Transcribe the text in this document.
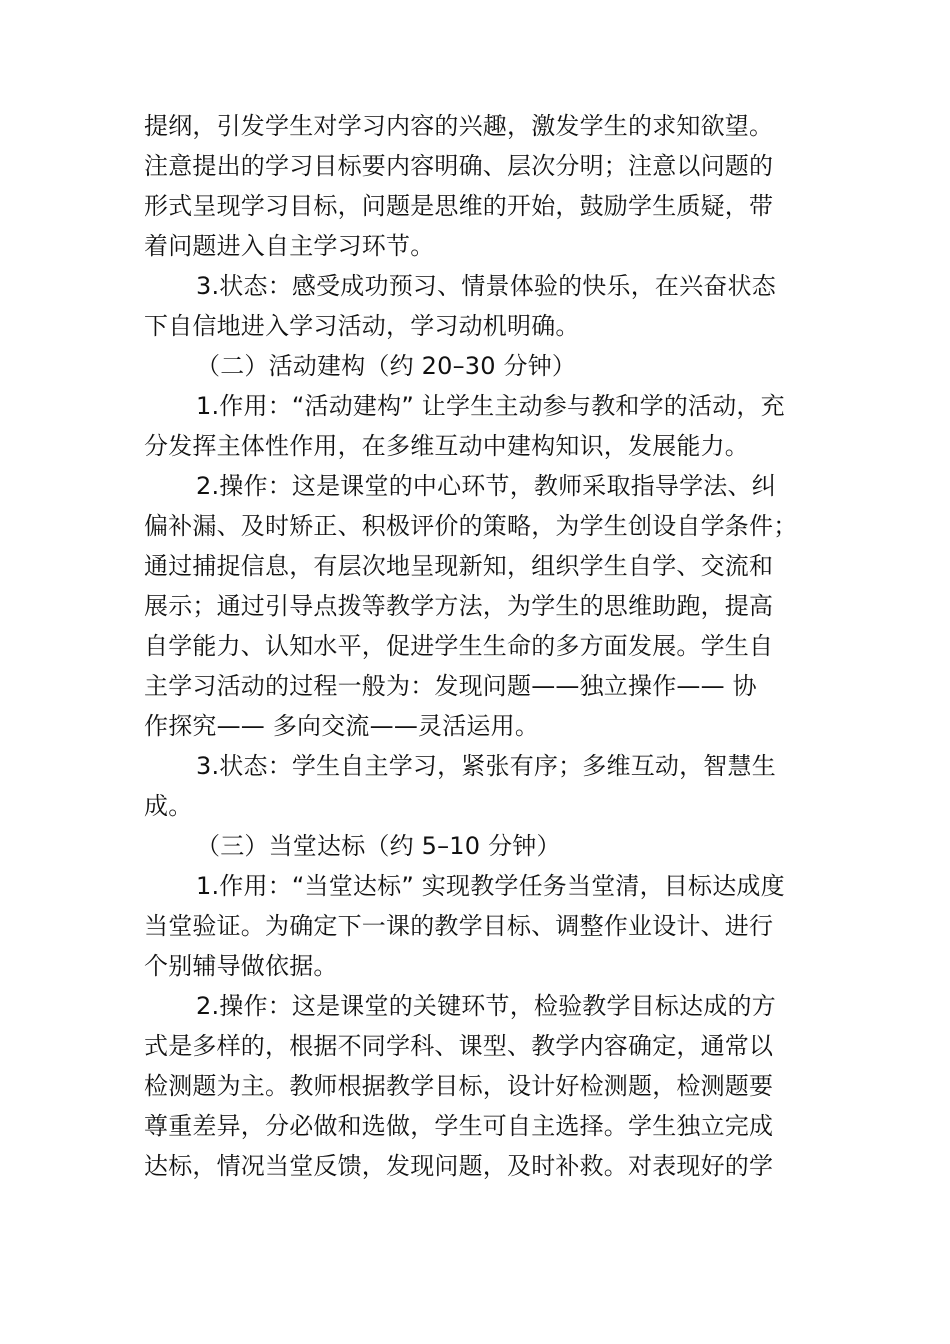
提纲，引发学生对学习内容的兴趣，激发学生的求知欲望。
注意提出的学习目标要内容明确、层次分明；注意以问题的
形式呈现学习目标，问题是思维的开始，鼓励学生质疑，带
着问题进入自主学习环节。
3.状态：感受成功预习、情景体验的快乐，在兴奋状态
下自信地进入学习活动，学习动机明确。
（二）活动建构（约 20–30 分钟）
1.作用：“活动建构” 让学生主动参与教和学的活动，充
分发挥主体性作用，在多维互动中建构知识，发展能力。
2.操作：这是课堂的中心环节，教师采取指导学法、纠
偏补漏、及时矫正、积极评价的策略，为学生创设自学条件；
通过捕捉信息，有层次地呈现新知，组织学生自学、交流和
展示；通过引导点拨等教学方法，为学生的思维助跑，提高
自学能力、认知水平，促进学生生命的多方面发展。学生自
主学习活动的过程一般为：发现问题——独立操作—— 协
作探究—— 多向交流——灵活运用。
3.状态：学生自主学习，紧张有序；多维互动，智慧生
成。
（三）当堂达标（约 5–10 分钟）
1.作用：“当堂达标” 实现教学任务当堂清，目标达成度
当堂验证。为确定下一课的教学目标、调整作业设计、进行
个别辅导做依据。
2.操作：这是课堂的关键环节，检验教学目标达成的方
式是多样的，根据不同学科、课型、教学内容确定，通常以
检测题为主。教师根据教学目标，设计好检测题，检测题要
尊重差异，分必做和选做，学生可自主选择。学生独立完成
达标，情况当堂反馈，发现问题，及时补救。对表现好的学
